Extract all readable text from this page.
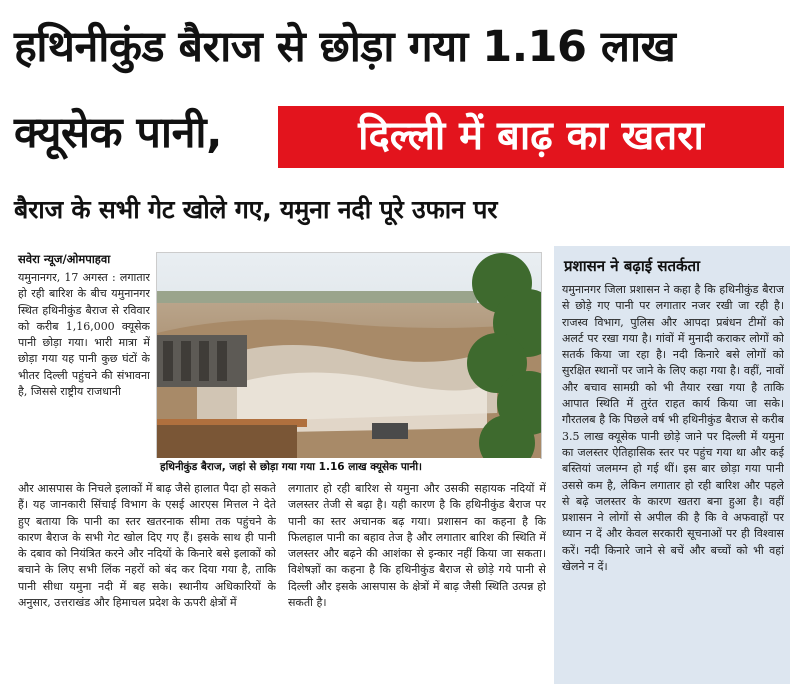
हथिनीकुंड बैराज से छोड़ा गया 1.16 लाख
क्यूसेक पानी,	दिल्ली में बाढ़ का खतरा
बैराज के सभी गेट खोले गए, यमुना नदी पूरे उफान पर
सवेरा न्यूज/ओमपाहवा
यमुनानगर, 17 अगस्त : लगातार हो रही बारिश के बीच यमुनानगर स्थित हथिनीकुंड बैराज से रविवार को करीब 1,16,000 क्यूसेक पानी छोड़ा गया। भारी मात्रा में छोड़ा गया यह पानी कुछ घंटों के भीतर दिल्ली पहुंचने की संभावना है, जिससे राष्ट्रीय राजधानी
हथिनीकुंड बैराज, जहां से छोड़ा गया गया 1.16 लाख क्यूसेक पानी।
और आसपास के निचले इलाकों में बाढ़ जैसे हालात पैदा हो सकते हैं। यह जानकारी सिंचाई विभाग के एसई आरएस मित्तल ने देते हुए बताया कि पानी का स्तर खतरनाक सीमा तक पहुंचने के कारण बैराज के सभी गेट खोल दिए गए हैं। इसके साथ ही पानी के दबाव को नियंत्रित करने और नदियों के किनारे बसे इलाकों को बचाने के लिए सभी लिंक नहरों को बंद कर दिया गया है, ताकि पानी सीधा यमुना नदी में बह सके। स्थानीय अधिकारियों के अनुसार, उत्तराखंड और हिमाचल प्रदेश के ऊपरी क्षेत्रों में
लगातार हो रही बारिश से यमुना और उसकी सहायक नदियों में जलस्तर तेजी से बढ़ा है। यही कारण है कि हथिनीकुंड बैराज पर पानी का स्तर अचानक बढ़ गया। प्रशासन का कहना है कि फिलहाल पानी का बहाव तेज है और लगातार बारिश की स्थिति में जलस्तर और बढ़ने की आशंका से इन्कार नहीं किया जा सकता। विशेषज्ञों का कहना है कि हथिनीकुंड बैराज से छोड़े गये पानी से दिल्ली और इसके आसपास के क्षेत्रों में बाढ़ जैसी स्थिति उत्पन्न हो सकती है।
प्रशासन ने बढ़ाई सतर्कता
यमुनानगर जिला प्रशासन ने कहा है कि हथिनीकुंड बैराज से छोड़े गए पानी पर लगातार नजर रखी जा रही है। राजस्व विभाग, पुलिस और आपदा प्रबंधन टीमों को अलर्ट पर रखा गया है। गांवों में मुनादी कराकर लोगों को सतर्क किया जा रहा है। नदी किनारे बसे लोगों को सुरक्षित स्थानों पर जाने के लिए कहा गया है। वहीं, नावों और बचाव सामग्री को भी तैयार रखा गया है ताकि आपात स्थिति में तुरंत राहत कार्य किया जा सके। गौरतलब है कि पिछले वर्ष भी हथिनीकुंड बैराज से करीब 3.5 लाख क्यूसेक पानी छोड़े जाने पर दिल्ली में यमुना का जलस्तर ऐतिहासिक स्तर पर पहुंच गया था और कई बस्तियां जलमग्न हो गई थीं। इस बार छोड़ा गया पानी उससे कम है, लेकिन लगातार हो रही बारिश और पहले से बढ़े जलस्तर के कारण खतरा बना हुआ है। वहीं प्रशासन ने लोगों से अपील की है कि वे अफवाहों पर ध्यान न दें और केवल सरकारी सूचनाओं पर ही विश्वास करें। नदी किनारे जाने से बचें और बच्चों को भी वहां खेलने न दें।
